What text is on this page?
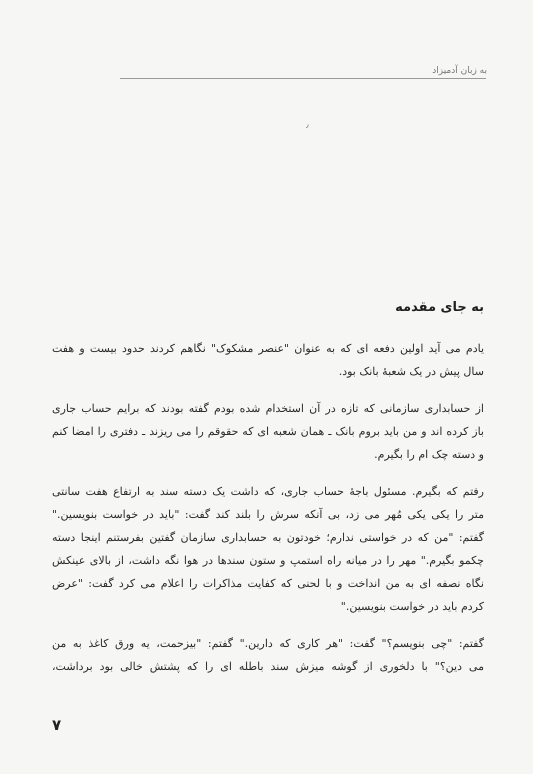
به زبان آدمیزاد
٫
به جای مقدمه
یادم می آید اولین دفعه ای که به عنوان "عنصر مشکوک" نگاهم کردند حدود بیست و هفت
سال پیش در یک شعبهٔ بانک بود.
از حسابداری سازمانی که تازه در آن استخدام شده بودم گفته بودند که برایم حساب جاری
باز کرده اند و من باید بروم بانک ـ همان شعبه ای که حقوقم را می ریزند ـ دفتری را امضا کنم
و دسته چک ام را بگیرم.
رفتم که بگیرم. مسئول باجهٔ حساب جاری، که داشت یک دسته سند به ارتفاع هفت سانتی
متر را یکی یکی مُهر می زد، بی آنکه سرش را بلند کند گفت: "باید در خواست بنویسین."
گفتم: "من که در خواستی ندارم؛ خودتون به حسابداری سازمان گفتین بفرستنم اینجا دسته
چکمو بگیرم." مهر را در میانه راه استمپ و ستون سندها در هوا نگه داشت، از بالای عینکش
نگاه نصفه ای به من انداخت و با لحنی که کفایت مذاکرات را اعلام می کرد گفت: "عرض
کردم باید در خواست بنویسین."
گفتم: "چی بنویسم؟" گفت: "هر کاری که دارین." گفتم: "بیزحمت، یه ورق کاغذ به من
می دین؟" با دلخوری از گوشه میزش سند باطله ای را که پشتش خالی بود برداشت،
۷
